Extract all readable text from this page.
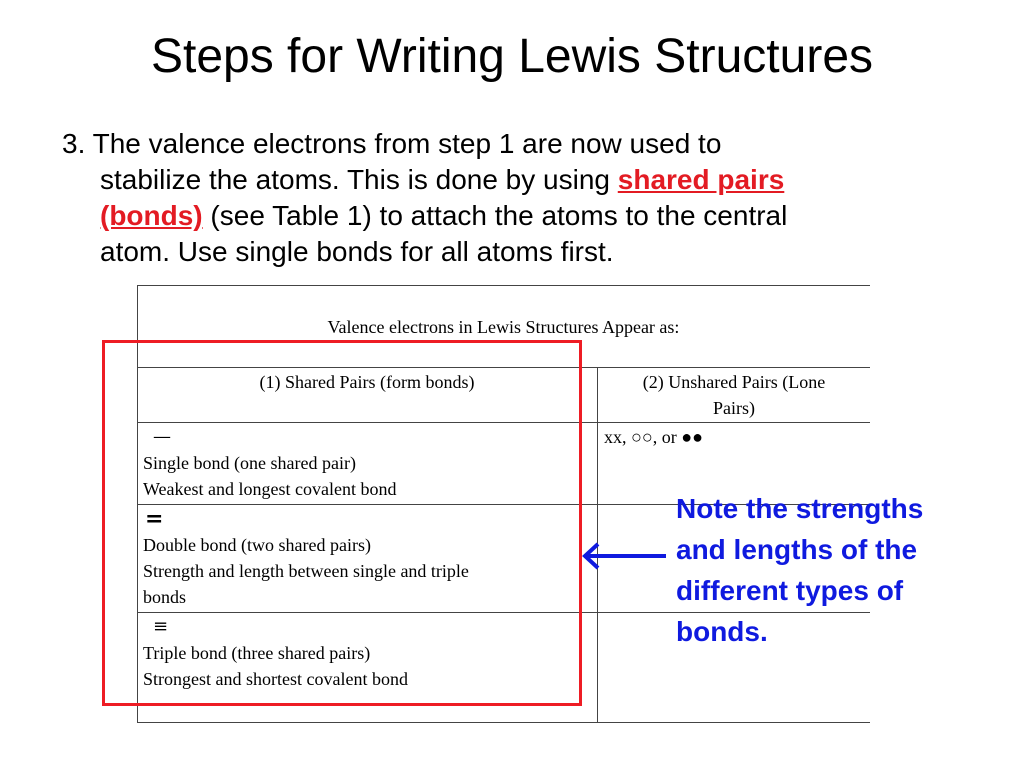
Steps for Writing Lewis Structures
3. The valence electrons from step 1 are now used to
stabilize the atoms. This is done by using shared pairs
(bonds) (see Table 1) to attach the atoms to the central
atom. Use single bonds for all atoms first.
Valence electrons in Lewis Structures Appear as:
(1) Shared Pairs (form bonds)	(2) Unshared Pairs (Lone
Pairs)
—
Single bond (one shared pair)
Weakest and longest covalent bond
xx, ○○, or ●●
=
Double bond (two shared pairs)
Strength and length between single and triple
bonds
≡
Triple bond (three shared pairs)
Strongest and shortest covalent bond
Note the strengths
and lengths of the
different types of
bonds.
